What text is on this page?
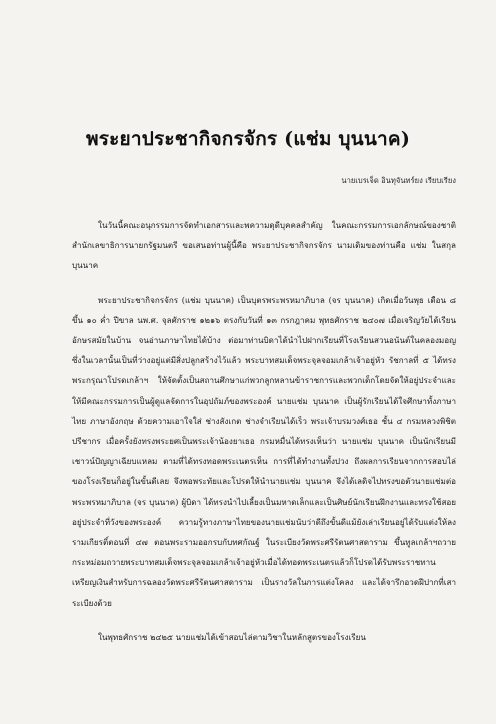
พระยาประชากิจกรจักร (แช่ม บุนนาค)
นายเบรเจ็ด อินทุจันทร์ยง เรียบเรียง

ในวันนี้คณะอนุกรรมการจัดทำเอกสารและพความดุดีบุคคลสำคัญ ในคณะกรรมการเอกลักษณ์ของชาติ สำนักเลขาธิการนายกรัฐมนตรี ขอเสนอท่านผู้นี้คือ พระยาประชากิจกรจักร นามเดิมของท่านคือ แช่ม ในสกุลบุนนาค

พระยาประชากิจกรจักร (แช่ม บุนนาค) เป็นบุตรพระพรหมาภิบาล (จร บุนนาค) เกิดเมื่อวันพุธ เดือน ๘ ขึ้น ๑๐ ค่ำ ปีขาล นพ.ศ. จุลศักราช ๑๒๑๖ ตรงกับวันที่ ๑๓ กรกฎาคม พุทธศักราช ๒๔๐๗ เมื่อเจริญวัยได้เรียนอักษรสมัยในบ้าน จนอ่านภาษาไทยได้บ้าง ต่อมาท่านบิดาได้นำไปฝากเรียนที่โรงเรียนสวนอนันต์ในคลองมอญ ซึ่งในเวลานั้นเป็นที่ว่างอยู่แต่มีสิ่งปลูกสร้างไว้แล้ว พระบาทสมเด็จพระจุลจอมเกล้าเจ้าอยู่หัว รัชกาลที่ ๕ ได้ทรงพระกรุณาโปรดเกล้าฯ ให้จัดตั้งเป็นสถานศึกษาแก่พวกลูกหลานข้าราชการและพวกเด็กโดยจัดให้อยู่ประจำและให้มีคณะกรรมการเป็นผู้ดูแลจัดการในอุปถัมภ์ของพระองค์ นายแช่ม บุนนาค เป็นผู้รักเรียนได้ใจศึกษาทั้งภาษาไทย ภาษาอังกฤษ ด้วยความเอาใจใส่ ช่างสังเกต ช่างจำเรียนได้เร็ว พระเจ้าบรมวงศ์เธอ ชั้น ๔ กรมหลวงพิชิตปรีชากร เมื่อครั้งยังทรงพระยศเป็นพระเจ้าน้องยาเธอ กรมหมื่นได้ทรงเห็นว่า นายแช่ม บุนนาค เป็นนักเรียนมีเชาวน์ปัญญาเฉียบแหลม ตามที่ได้ทรงทอดพระเนตรเห็น การที่ได้ทำงานทั้งปวง ถึงผลการเรียนจากการสอบไล่ของโรงเรียนก็อยู่ในขั้นดีเลย จึงพอพระทัยและโปรดให้นำนายแช่ม บุนนาค จึงได้เลดิจไปทรงขอตัวนายแช่มต่อพระพรหมาภิบาล (จร บุนนาค) ผู้บิดา ได้ทรงนำไปเลี้ยงเป็นมหาดเล็กและเป็นศิษย์นักเรียนฝึกงานและทรงใช้สอยอยู่ประจำที่วังของพระองค์ ความรู้ทางภาษาไทยของนายแช่มนับว่าดีถึงขั้นดีแม้ยังเล่าเรียนอยู่ได้รับแต่งให้ลงรามเกียรติ์ตอนที่ ๔๗ ตอนพระรามออกรบกับทศกัณฐ์ ในระเบียงวัดพระศรีรัตนศาสดาราม ขึ้นทูลเกล้าฯถวายกระหม่อมถวายพระบาทสมเด็จพระจุลจอมเกล้าเจ้าอยู่หัวเมื่อได้ทอดพระเนตรแล้วก็โปรดได้รับพระราชทานเหรียญเงินสำหรับการฉลองวัดพระศรีรัตนศาสดาราม เป็นรางวัลในการแต่งโคลง และได้จารึกอวดฝีปากที่เสาระเบียงด้วย

ในพุทธศักราช ๒๔๒๕ นายแช่มได้เข้าสอบไล่ตามวิชาในหลักสูตรของโรงเรียน
